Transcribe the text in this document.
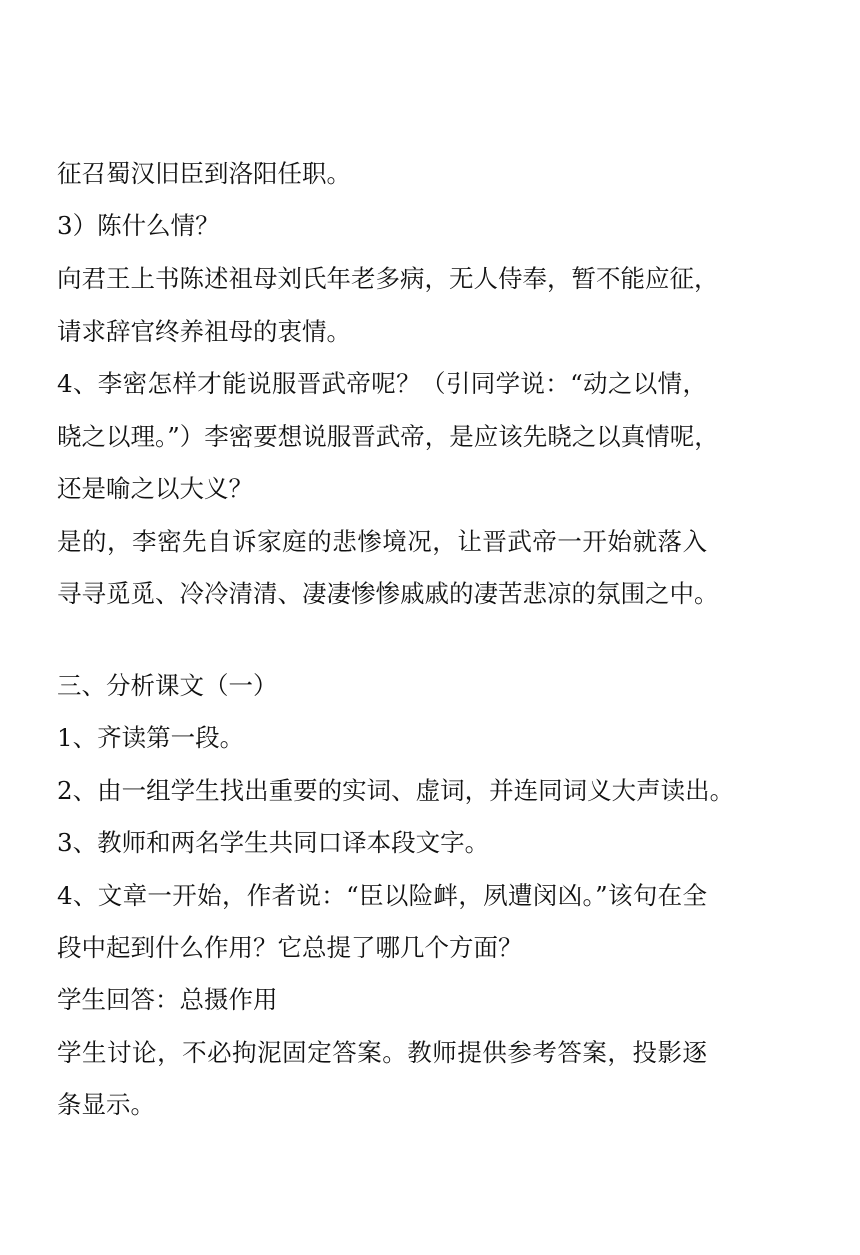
征召蜀汉旧臣到洛阳任职。
3）陈什么情？
向君王上书陈述祖母刘氏年老多病，无人侍奉，暂不能应征，
请求辞官终养祖母的衷情。
4、李密怎样才能说服晋武帝呢？（引同学说：“动之以情，
晓之以理。”）李密要想说服晋武帝，是应该先晓之以真情呢，
还是喻之以大义？
是的，李密先自诉家庭的悲惨境况，让晋武帝一开始就落入
寻寻觅觅、冷冷清清、凄凄惨惨戚戚的凄苦悲凉的氛围之中。
三、分析课文（一）
1、齐读第一段。
2、由一组学生找出重要的实词、虚词，并连同词义大声读出。
3、教师和两名学生共同口译本段文字。
4、文章一开始，作者说：“臣以险衅，夙遭闵凶。”该句在全
段中起到什么作用？它总提了哪几个方面？
学生回答：总摄作用
学生讨论，不必拘泥固定答案。教师提供参考答案，投影逐
条显示。
